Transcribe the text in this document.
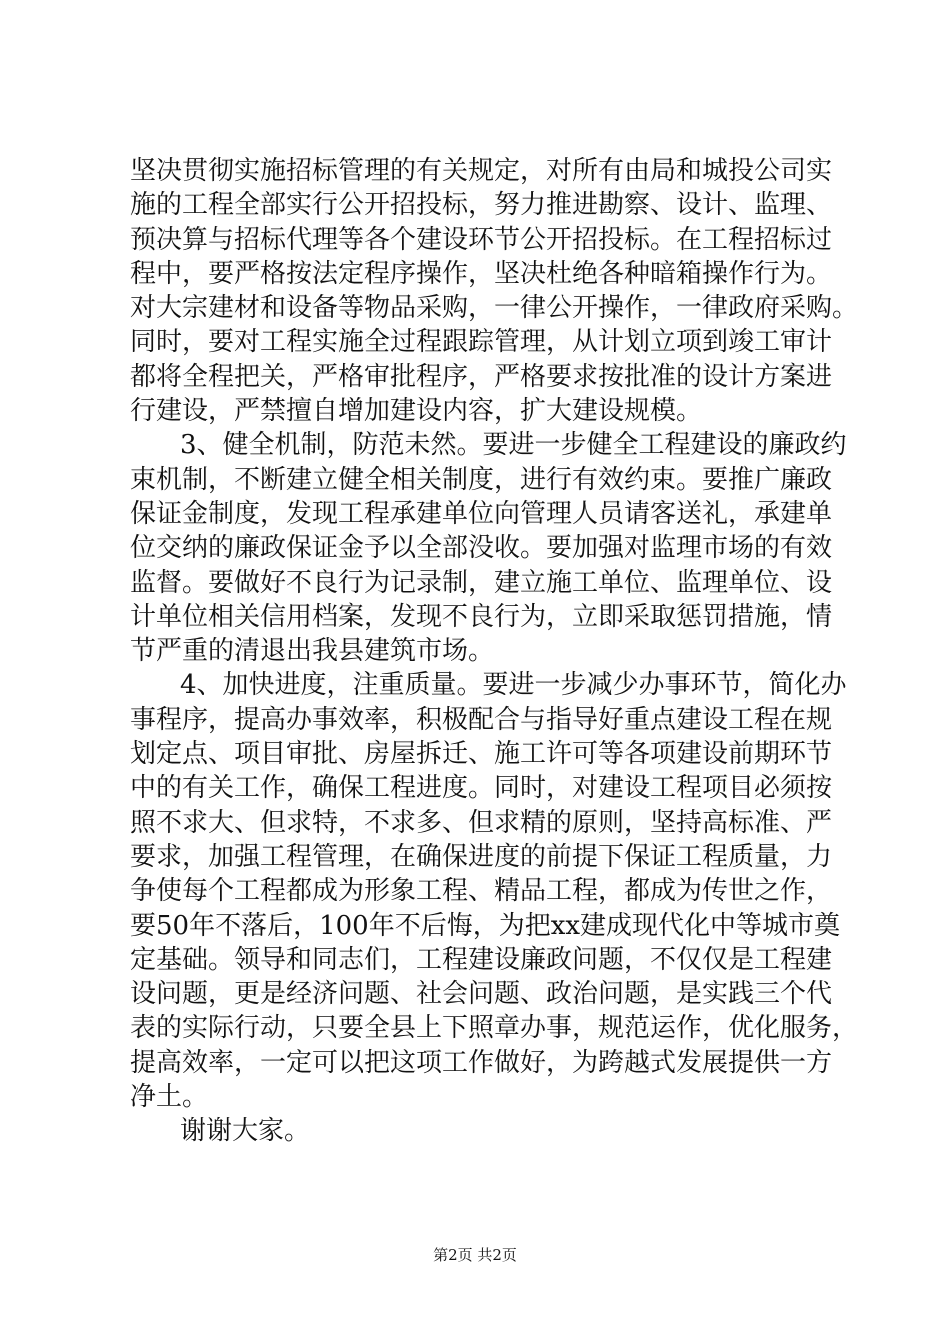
坚决贯彻实施招标管理的有关规定，对所有由局和城投公司实
施的工程全部实行公开招投标，努力推进勘察、设计、监理、
预决算与招标代理等各个建设环节公开招投标。在工程招标过
程中，要严格按法定程序操作，坚决杜绝各种暗箱操作行为。
对大宗建材和设备等物品采购，一律公开操作，一律政府采购。
同时，要对工程实施全过程跟踪管理，从计划立项到竣工审计
都将全程把关，严格审批程序，严格要求按批准的设计方案进
行建设，严禁擅自增加建设内容，扩大建设规模。
3、健全机制，防范未然。要进一步健全工程建设的廉政约
束机制，不断建立健全相关制度，进行有效约束。要推广廉政
保证金制度，发现工程承建单位向管理人员请客送礼，承建单
位交纳的廉政保证金予以全部没收。要加强对监理市场的有效
监督。要做好不良行为记录制，建立施工单位、监理单位、设
计单位相关信用档案，发现不良行为，立即采取惩罚措施，情
节严重的清退出我县建筑市场。
4、加快进度，注重质量。要进一步减少办事环节，简化办
事程序，提高办事效率，积极配合与指导好重点建设工程在规
划定点、项目审批、房屋拆迁、施工许可等各项建设前期环节
中的有关工作，确保工程进度。同时，对建设工程项目必须按
照不求大、但求特，不求多、但求精的原则，坚持高标准、严
要求，加强工程管理，在确保进度的前提下保证工程质量，力
争使每个工程都成为形象工程、精品工程，都成为传世之作，
要50年不落后，100年不后悔，为把xx建成现代化中等城市奠
定基础。领导和同志们，工程建设廉政问题，不仅仅是工程建
设问题，更是经济问题、社会问题、政治问题，是实践三个代
表的实际行动，只要全县上下照章办事，规范运作，优化服务，
提高效率，一定可以把这项工作做好，为跨越式发展提供一方
净土。
谢谢大家。
第2页 共2页
